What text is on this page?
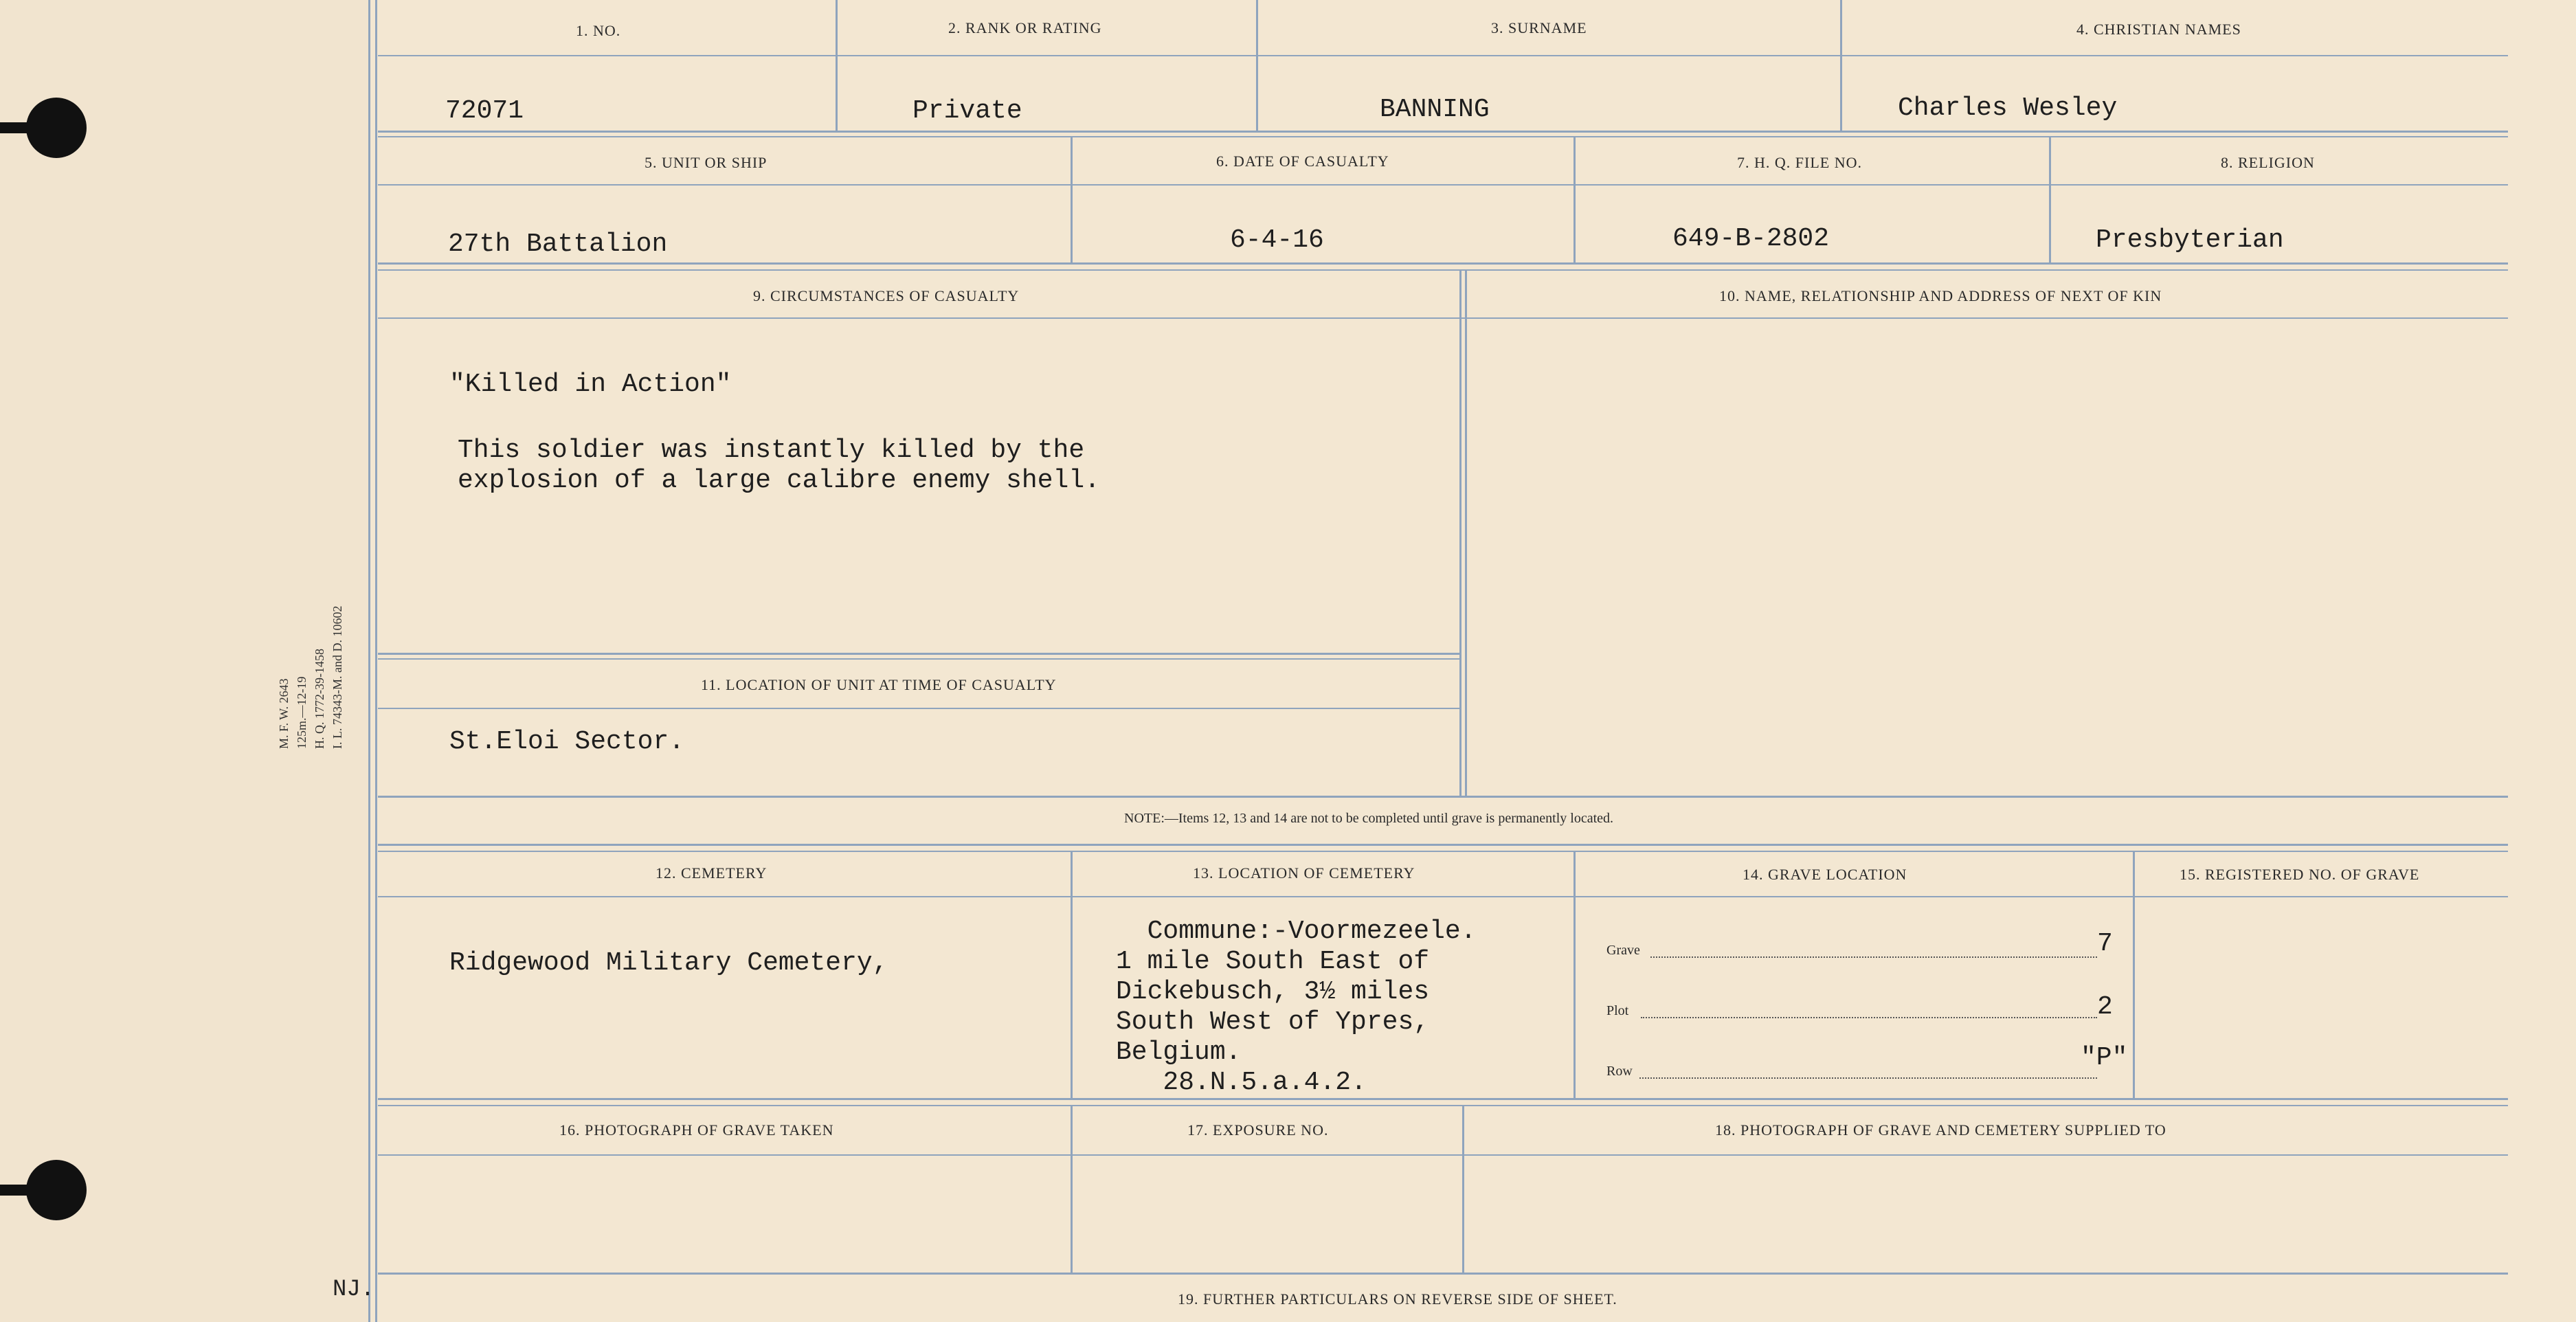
M. F. W. 2643 125m.—12-19 H. Q. 1772-39-1458 I. L. 74343-M. and D. 10602
1. NO.	2. RANK OR RATING	3. SURNAME	4. CHRISTIAN NAMES
72071	Private	BANNING	Charles Wesley
5. UNIT OR SHIP	6. DATE OF CASUALTY	7. H. Q. FILE NO.	8. RELIGION
27th Battalion	6-4-16	649-B-2802	Presbyterian
9. CIRCUMSTANCES OF CASUALTY	10. NAME, RELATIONSHIP AND ADDRESS OF NEXT OF KIN
"Killed in Action"
This soldier was instantly killed by the
explosion of a large calibre enemy shell.
11. LOCATION OF UNIT AT TIME OF CASUALTY
St.Eloi Sector.
NOTE:—Items 12, 13 and 14 are not to be completed until grave is permanently located.
12. CEMETERY	13. LOCATION OF CEMETERY	14. GRAVE LOCATION	15. REGISTERED NO. OF GRAVE
Ridgewood Military Cemetery,
Commune:-Voormezeele.
1 mile South East of
Dickebusch, 3½ miles
South West of Ypres,
Belgium.
28.N.5.a.4.2.
Grave	7
Plot	2
Row	"P"
16. PHOTOGRAPH OF GRAVE TAKEN	17. EXPOSURE NO.	18. PHOTOGRAPH OF GRAVE AND CEMETERY SUPPLIED TO
19. FURTHER PARTICULARS ON REVERSE SIDE OF SHEET.
NJ.
